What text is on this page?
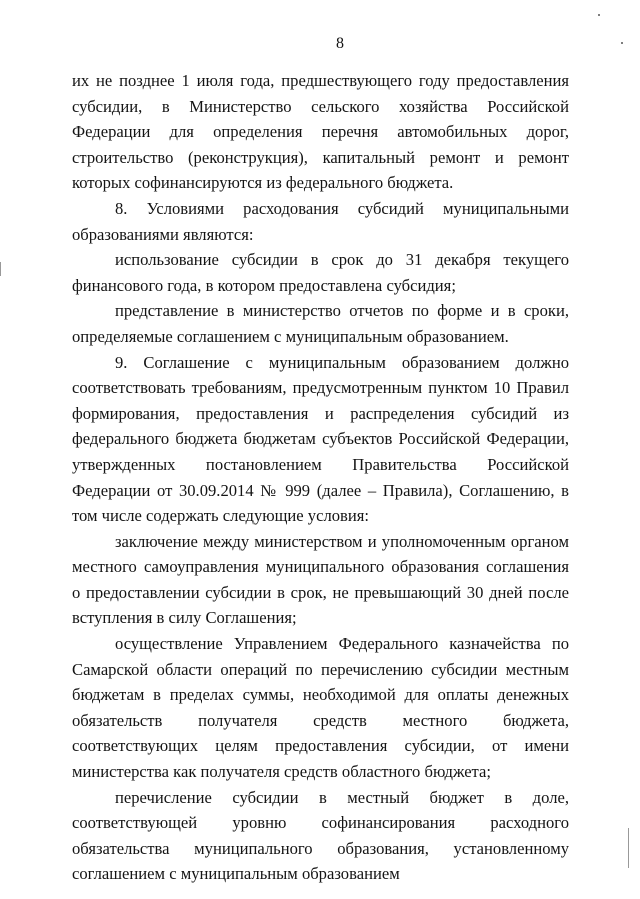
8

их не позднее 1 июля года, предшествующего году предоставления субсидии, в Министерство сельского хозяйства Российской Федерации для определения перечня автомобильных дорог, строительство (реконструкция), капитальный ремонт и ремонт которых софинансируются из федерального бюджета.

8. Условиями расходования субсидий муниципальными образованиями являются:

использование субсидии в срок до 31 декабря текущего финансового года, в котором предоставлена субсидия;

представление в министерство отчетов по форме и в сроки, определяемые соглашением с муниципальным образованием.

9. Соглашение с муниципальным образованием должно соответствовать требованиям, предусмотренным пунктом 10 Правил формирования, предоставления и распределения субсидий из федерального бюджета бюджетам субъектов Российской Федерации, утвержденных постановлением Правительства Российской Федерации от 30.09.2014 № 999 (далее – Правила), Соглашению, в том числе содержать следующие условия:

заключение между министерством и уполномоченным органом местного самоуправления муниципального образования соглашения о предоставлении субсидии в срок, не превышающий 30 дней после вступления в силу Соглашения;

осуществление Управлением Федерального казначейства по Самарской области операций по перечислению субсидии местным бюджетам в пределах суммы, необходимой для оплаты денежных обязательств получателя средств местного бюджета, соответствующих целям предоставления субсидии, от имени министерства как получателя средств областного бюджета;

перечисление субсидии в местный бюджет в доле, соответствующей уровню софинансирования расходного обязательства муниципального образования, установленному соглашением с муниципальным образованием
